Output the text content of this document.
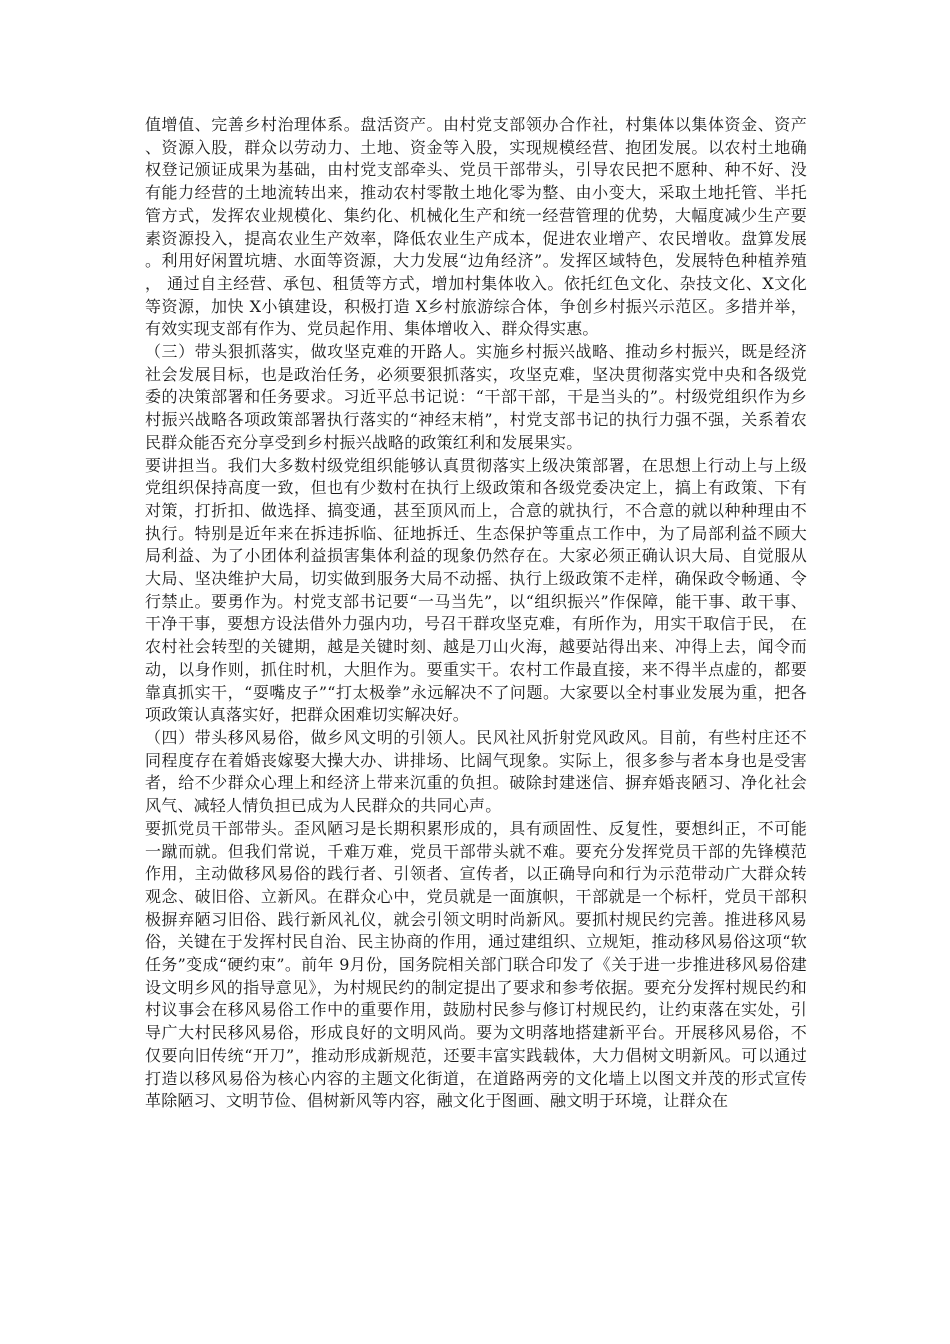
值增值、完善乡村治理体系。盘活资产。由村党支部领办合作社，村集体以集体资金、资产、资源入股，群众以劳动力、土地、资金等入股，实现规模经营、抱团发展。以农村土地确权登记颁证成果为基础，由村党支部牵头、党员干部带头，引导农民把不愿种、种不好、没有能力经营的土地流转出来，推动农村零散土地化零为整、由小变大，采取土地托管、半托管方式，发挥农业规模化、集约化、机械化生产和统一经营管理的优势，大幅度减少生产要素资源投入，提高农业生产效率，降低农业生产成本，促进农业增产、农民增收。盘算发展。利用好闲置坑塘、水面等资源，大力发展“边角经济”。发挥区域特色，发展特色种植养殖， 通过自主经营、承包、租赁等方式，增加村集体收入。依托红色文化、杂技文化、X文化等资源，加快 X小镇建设，积极打造 X乡村旅游综合体，争创乡村振兴示范区。多措并举，有效实现支部有作为、党员起作用、集体增收入、群众得实惠。

（三）带头狠抓落实，做攻坚克难的开路人。实施乡村振兴战略、推动乡村振兴，既是经济社会发展目标，也是政治任务，必须要狠抓落实，攻坚克难，坚决贯彻落实党中央和各级党委的决策部署和任务要求。习近平总书记说：“干部干部，干是当头的”。村级党组织作为乡村振兴战略各项政策部署执行落实的“神经末梢”，村党支部书记的执行力强不强，关系着农民群众能否充分享受到乡村振兴战略的政策红利和发展果实。

要讲担当。我们大多数村级党组织能够认真贯彻落实上级决策部署，在思想上行动上与上级党组织保持高度一致，但也有少数村在执行上级政策和各级党委决定上，搞上有政策、下有对策，打折扣、做选择、搞变通，甚至顶风而上，合意的就执行，不合意的就以种种理由不执行。特别是近年来在拆违拆临、征地拆迁、生态保护等重点工作中，为了局部利益不顾大局利益、为了小团体利益损害集体利益的现象仍然存在。大家必须正确认识大局、自觉服从大局、坚决维护大局，切实做到服务大局不动摇、执行上级政策不走样，确保政令畅通、令行禁止。要勇作为。村党支部书记要“一马当先”，以“组织振兴”作保障，能干事、敢干事、干净干事，要想方设法借外力强内功，号召干群攻坚克难，有所作为，用实干取信于民， 在农村社会转型的关键期，越是关键时刻、越是刀山火海，越要站得出来、冲得上去，闻令而动，以身作则，抓住时机，大胆作为。要重实干。农村工作最直接，来不得半点虚的，都要靠真抓实干，“耍嘴皮子”“打太极拳”永远解决不了问题。大家要以全村事业发展为重，把各项政策认真落实好，把群众困难切实解决好。

（四）带头移风易俗，做乡风文明的引领人。民风社风折射党风政风。目前，有些村庄还不同程度存在着婚丧嫁娶大操大办、讲排场、比阔气现象。实际上，很多参与者本身也是受害者，给不少群众心理上和经济上带来沉重的负担。破除封建迷信、摒弃婚丧陋习、净化社会风气、减轻人情负担已成为人民群众的共同心声。

要抓党员干部带头。歪风陋习是长期积累形成的，具有顽固性、反复性，要想纠正，不可能一蹴而就。但我们常说，千难万难，党员干部带头就不难。要充分发挥党员干部的先锋模范作用，主动做移风易俗的践行者、引领者、宣传者，以正确导向和行为示范带动广大群众转观念、破旧俗、立新风。在群众心中，党员就是一面旗帜，干部就是一个标杆，党员干部积 极摒弃陋习旧俗、践行新风礼仪，就会引领文明时尚新风。要抓村规民约完善。推进移风易 俗，关键在于发挥村民自治、民主协商的作用，通过建组织、立规矩，推动移风易俗这项“软任务”变成“硬约束”。前年 9月份，国务院相关部门联合印发了《关于进一步推进移风易俗建设文明乡风的指导意见》，为村规民约的制定提出了要求和参考依据。要充分发挥村规民约和村议事会在移风易俗工作中的重要作用，鼓励村民参与修订村规民约，让约束落在实处，引导广大村民移风易俗，形成良好的文明风尚。要为文明落地搭建新平台。开展移风易俗，不仅要向旧传统“开刀”，推动形成新规范，还要丰富实践载体，大力倡树文明新风。可以通过打造以移风易俗为核心内容的主题文化街道，在道路两旁的文化墙上以图文并茂的形式宣传革除陋习、文明节俭、倡树新风等内容，融文化于图画、融文明于环境，让群众在
